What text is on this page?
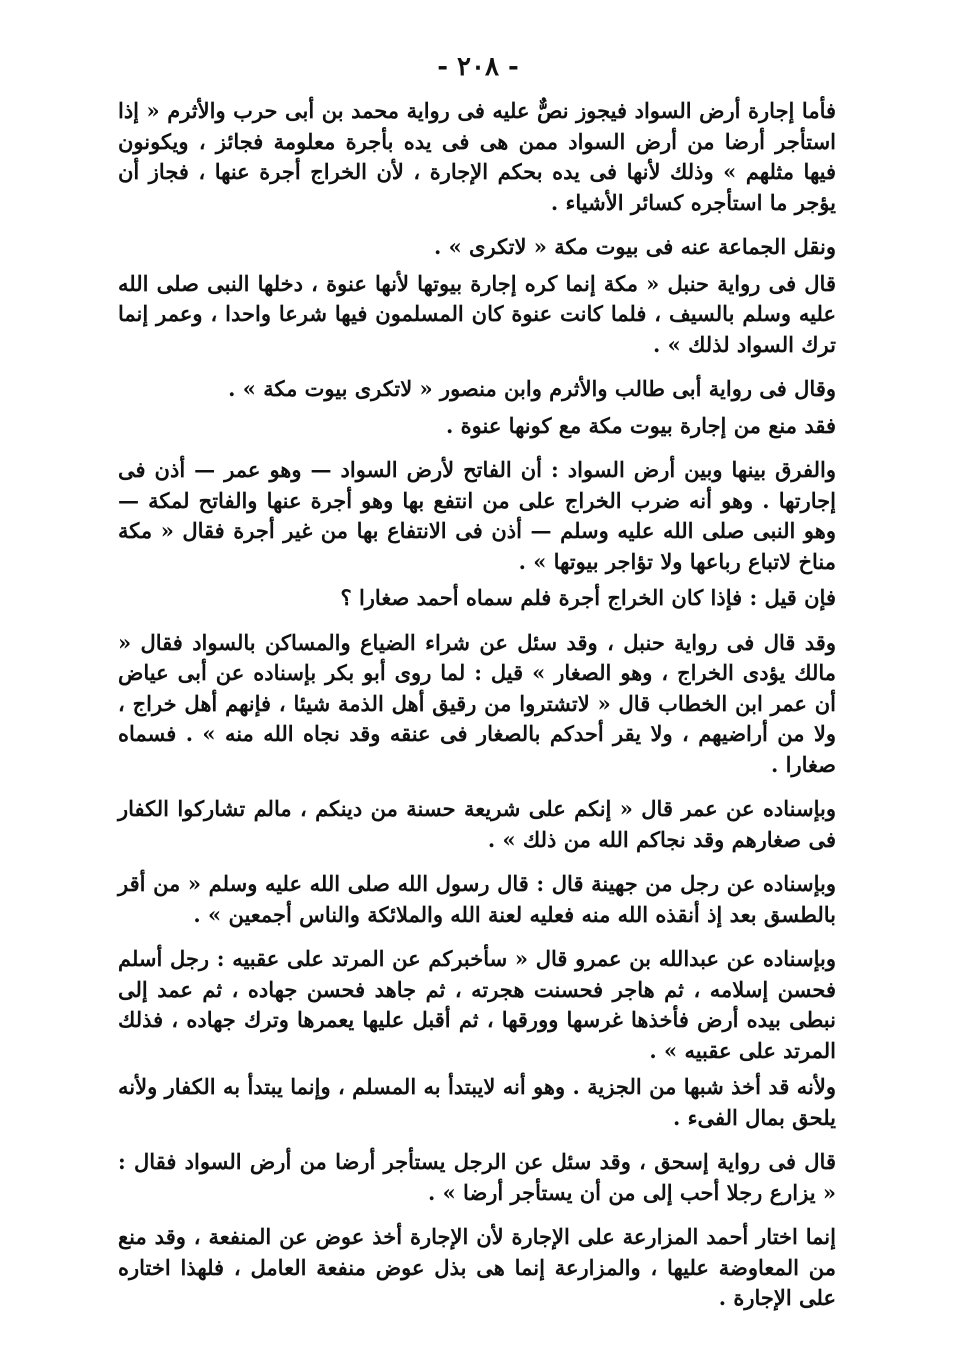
- ٢٠٨ -

فأما إجارة أرض السواد فيجوز نصٌّ عليه فى رواية محمد بن أبى حرب والأثرم « إذا استأجر أرضا من أرض السواد ممن هى فى يده بأجرة معلومة فجائز ، ويكونون فيها مثلهم » وذلك لأنها فى يده بحكم الإجارة ، لأن الخراج أجرة عنها ، فجاز أن يؤجر ما استأجره كسائر الأشياء .

ونقل الجماعة عنه فى بيوت مكة « لاتكرى » .

قال فى رواية حنبل « مكة إنما كره إجارة بيوتها لأنها عنوة ، دخلها النبى صلى الله عليه وسلم بالسيف ، فلما كانت عنوة كان المسلمون فيها شرعا واحدا ، وعمر إنما ترك السواد لذلك » .

وقال فى رواية أبى طالب والأثرم وابن منصور « لاتكرى بيوت مكة » .

فقد منع من إجارة بيوت مكة مع كونها عنوة .

والفرق بينها وبين أرض السواد : أن الفاتح لأرض السواد — وهو عمر — أذن فى إجارتها . وهو أنه ضرب الخراج على من انتفع بها وهو أجرة عنها والفاتح لمكة — وهو النبى صلى الله عليه وسلم — أذن فى الانتفاع بها من غير أجرة فقال « مكة مناخ لاتباع رباعها ولا تؤاجر بيوتها » .

فإن قيل : فإذا كان الخراج أجرة فلم سماه أحمد صغارا ؟

وقد قال فى رواية حنبل ، وقد سئل عن شراء الضياع والمساكن بالسواد فقال « مالك يؤدى الخراج ، وهو الصغار » قيل : لما روى أبو بكر بإسناده عن أبى عياض أن عمر ابن الخطاب قال « لاتشتروا من رقيق أهل الذمة شيئا ، فإنهم أهل خراج ، ولا من أراضيهم ، ولا يقر أحدكم بالصغار فى عنقه وقد نجاه الله منه » . فسماه صغارا .

وبإسناده عن عمر قال « إنكم على شريعة حسنة من دينكم ، مالم تشاركوا الكفار فى صغارهم وقد نجاكم الله من ذلك » .

وبإسناده عن رجل من جهينة قال : قال رسول الله صلى الله عليه وسلم « من أقر بالطسق بعد إذ أنقذه الله منه فعليه لعنة الله والملائكة والناس أجمعين » .

وبإسناده عن عبدالله بن عمرو قال « سأخبركم عن المرتد على عقبيه : رجل أسلم فحسن إسلامه ، ثم هاجر فحسنت هجرته ، ثم جاهد فحسن جهاده ، ثم عمد إلى نبطى بيده أرض فأخذها غرسها وورقها ، ثم أقبل عليها يعمرها وترك جهاده ، فذلك المرتد على عقبيه » .

ولأنه قد أخذ شبها من الجزية . وهو أنه لايبتدأ به المسلم ، وإنما يبتدأ به الكفار ولأنه يلحق بمال الفىء .

قال فى رواية إسحق ، وقد سئل عن الرجل يستأجر أرضا من أرض السواد فقال : « يزارع رجلا أحب إلى من أن يستأجر أرضا » .

إنما اختار أحمد المزارعة على الإجارة لأن الإجارة أخذ عوض عن المنفعة ، وقد منع من المعاوضة عليها ، والمزارعة إنما هى بذل عوض منفعة العامل ، فلهذا اختاره على الإجارة .
